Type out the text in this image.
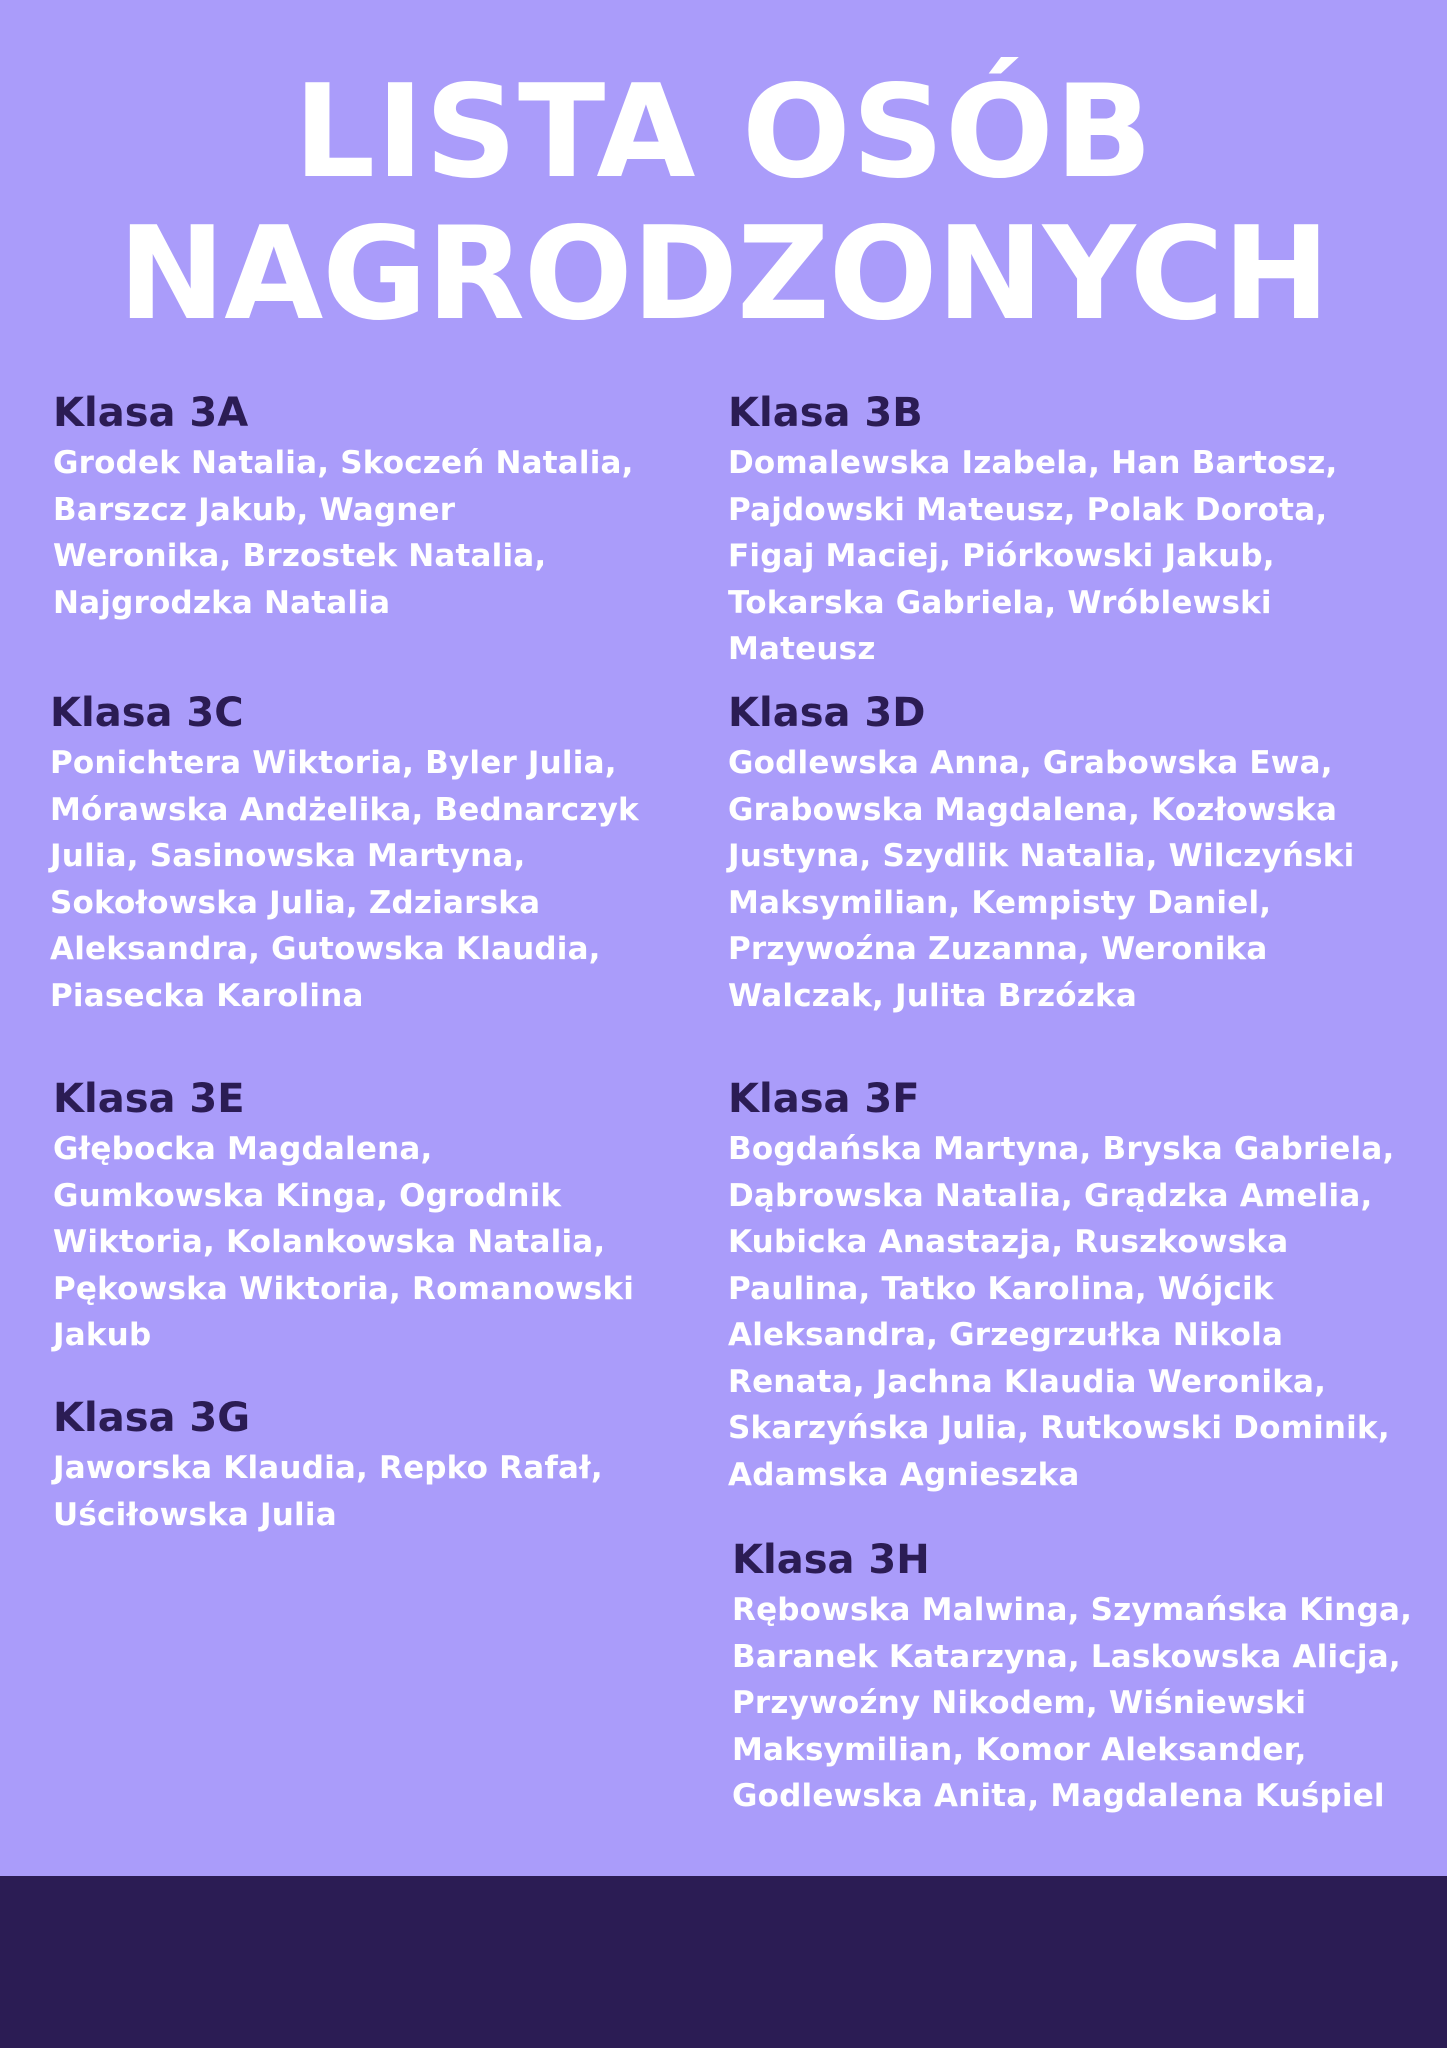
LISTA OSÓB
NAGRODZONYCH
Klasa 3A

Grodek Natalia, Skoczeń Natalia, Barszcz Jakub, Wagner Weronika, Brzostek Natalia, Najgrodzka Natalia

Klasa 3B

Domalewska Izabela, Han Bartosz, Pajdowski Mateusz, Polak Dorota, Figaj Maciej, Piórkowski Jakub, Tokarska Gabriela, Wróblewski Mateusz

Klasa 3C

Ponichtera Wiktoria, Byler Julia, Mórawska Andżelika, Bednarczyk Julia, Sasinowska Martyna, Sokołowska Julia, Zdziarska Aleksandra, Gutowska Klaudia, Piasecka Karolina

Klasa 3D

Godlewska Anna, Grabowska Ewa, Grabowska Magdalena, Kozłowska Justyna, Szydlik Natalia, Wilczyński Maksymilian, Kempisty Daniel, Przywoźna Zuzanna, Weronika Walczak, Julita Brzózka

Klasa 3E

Głębocka Magdalena, Gumkowska Kinga, Ogrodnik Wiktoria, Kolankowska Natalia, Pękowska Wiktoria, Romanowski Jakub

Klasa 3F

Bogdańska Martyna, Bryska Gabriela, Dąbrowska Natalia, Grądzka Amelia, Kubicka Anastazja, Ruszkowska Paulina, Tatko Karolina, Wójcik Aleksandra, Grzegrzułka Nikola Renata, Jachna Klaudia Weronika, Skarzyńska Julia, Rutkowski Dominik, Adamska Agnieszka

Klasa 3G

Jaworska Klaudia, Repko Rafał, Uściłowska Julia

Klasa 3H

Rębowska Malwina, Szymańska Kinga, Baranek Katarzyna, Laskowska Alicja, Przywoźny Nikodem, Wiśniewski Maksymilian, Komor Aleksander, Godlewska Anita, Magdalena Kuśpiel
